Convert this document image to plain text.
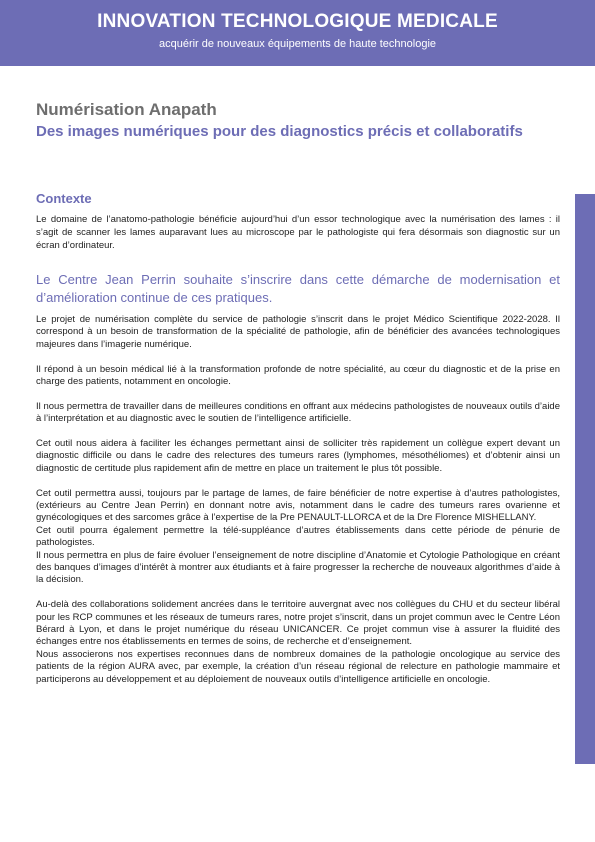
INNOVATION TECHNOLOGIQUE MEDICALE
acquérir de nouveaux équipements de haute technologie
Numérisation Anapath
Des images numériques pour des diagnostics précis et collaboratifs
Contexte
Le domaine de l’anatomo-pathologie bénéficie aujourd’hui d’un essor technologique avec la numérisation des lames : il s’agit de scanner les lames auparavant lues au microscope par le pathologiste qui fera désormais son diagnostic sur un écran d’ordinateur.
Le Centre Jean Perrin souhaite s’inscrire dans cette démarche de modernisation et d’amélioration continue de ces pratiques.

Le projet de numérisation complète du service de pathologie s’inscrit dans le projet Médico Scientifique 2022-2028. Il correspond à un besoin de transformation de la spécialité de pathologie, afin de bénéficier des avancées technologiques majeures dans l’imagerie numérique.

Il répond à un besoin médical lié à la transformation profonde de notre spécialité, au cœur du diagnostic et de la prise en charge des patients, notamment en oncologie.

Il nous permettra de travailler dans de meilleures conditions en offrant aux médecins pathologistes de nouveaux outils d’aide à l’interprétation et au diagnostic avec le soutien de l’intelligence artificielle.

Cet outil nous aidera à faciliter les échanges permettant ainsi de solliciter très rapidement un collègue expert devant un diagnostic difficile ou dans le cadre des relectures des tumeurs rares (lymphomes, mésothéliomes) et d’obtenir ainsi un diagnostic de certitude plus rapidement afin de mettre en place un traitement le plus tôt possible.

Cet outil permettra aussi, toujours par le partage de lames, de faire bénéficier de notre expertise à d’autres pathologistes, (extérieurs au Centre Jean Perrin) en donnant notre avis, notamment dans le cadre des tumeurs rares ovarienne et gynécologiques et des sarcomes grâce à l’expertise de la Pre PENAULT-LLORCA et de la Dre Florence MISHELLANY.
Cet outil pourra également permettre la télé-suppléance d’autres établissements dans cette période de pénurie de pathologistes.
Il nous permettra en plus de faire évoluer l’enseignement de notre discipline d’Anatomie et Cytologie Pathologique en créant des banques d’images d’intérêt à montrer aux étudiants et à faire progresser la recherche de nouveaux algorithmes d’aide à la décision.

Au-delà des collaborations solidement ancrées dans le territoire auvergnat avec nos collègues du CHU et du secteur libéral pour les RCP communes et les réseaux de tumeurs rares, notre projet s’inscrit, dans un projet commun avec le Centre Léon Bérard à Lyon, et dans le projet numérique du réseau UNICANCER. Ce projet commun vise à assurer la fluidité des échanges entre nos établissements en termes de soins, de recherche et d’enseignement.
Nous associerons nos expertises reconnues dans de nombreux domaines de la pathologie oncologique au service des patients de la région AURA avec, par exemple, la création d’un réseau régional de relecture en pathologie mammaire et participerons au développement et au déploiement de nouveaux outils d’intelligence artificielle en oncologie.
